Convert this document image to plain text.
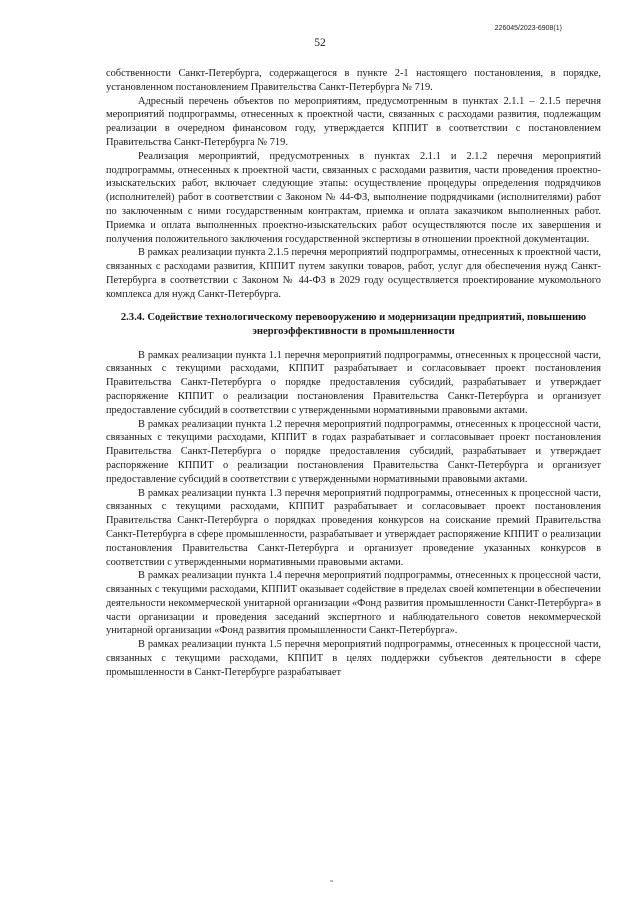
226045/2023-6908(1)
52

собственности Санкт-Петербурга, содержащегося в пункте 2-1 настоящего постановления, в порядке, установленном постановлением Правительства Санкт-Петербурга № 719.

Адресный перечень объектов по мероприятиям, предусмотренным в пунктах 2.1.1 – 2.1.5 перечня мероприятий подпрограммы, отнесенных к проектной части, связанных с расходами развития, подлежащим реализации в очередном финансовом году, утверждается КППИТ в соответствии с постановлением Правительства Санкт-Петербурга № 719.

Реализация мероприятий, предусмотренных в пунктах 2.1.1 и 2.1.2 перечня мероприятий подпрограммы, отнесенных к проектной части, связанных с расходами развития, части проведения проектно-изыскательских работ, включает следующие этапы: осуществление процедуры определения подрядчиков (исполнителей) работ в соответствии с Законом № 44-ФЗ, выполнение подрядчиками (исполнителями) работ по заключенным с ними государственным контрактам, приемка и оплата заказчиком выполненных работ. Приемка и оплата выполненных проектно-изыскательских работ осуществляются после их завершения и получения положительного заключения государственной экспертизы в отношении проектной документации.

В рамках реализации пункта 2.1.5 перечня мероприятий подпрограммы, отнесенных к проектной части, связанных с расходами развития, КППИТ путем закупки товаров, работ, услуг для обеспечения нужд Санкт-Петербурга в соответствии с Законом № 44-ФЗ в 2029 году осуществляется проектирование мукомольного комплекса для нужд Санкт-Петербурга.

2.3.4. Содействие технологическому перевооружению и модернизации предприятий, повышению энергоэффективности в промышленности

В рамках реализации пункта 1.1 перечня мероприятий подпрограммы, отнесенных к процессной части, связанных с текущими расходами, КППИТ разрабатывает и согласовывает проект постановления Правительства Санкт-Петербурга о порядке предоставления субсидий, разрабатывает и утверждает распоряжение КППИТ о реализации постановления Правительства Санкт-Петербурга и организует предоставление субсидий в соответствии с утвержденными нормативными правовыми актами.

В рамках реализации пункта 1.2 перечня мероприятий подпрограммы, отнесенных к процессной части, связанных с текущими расходами, КППИТ в годах разрабатывает и согласовывает проект постановления Правительства Санкт-Петербурга о порядке предоставления субсидий, разрабатывает и утверждает распоряжение КППИТ о реализации постановления Правительства Санкт-Петербурга и организует предоставление субсидий в соответствии с утвержденными нормативными правовыми актами.

В рамках реализации пункта 1.3 перечня мероприятий подпрограммы, отнесенных к процессной части, связанных с текущими расходами, КППИТ разрабатывает и согласовывает проект постановления Правительства Санкт-Петербурга о порядках проведения конкурсов на соискание премий Правительства Санкт-Петербурга в сфере промышленности, разрабатывает и утверждает распоряжение КППИТ о реализации постановления Правительства Санкт-Петербурга и организует проведение указанных конкурсов в соответствии с утвержденными нормативными правовыми актами.

В рамках реализации пункта 1.4 перечня мероприятий подпрограммы, отнесенных к процессной части, связанных с текущими расходами, КППИТ оказывает содействие в пределах своей компетенции в обеспечении деятельности некоммерческой унитарной организации «Фонд развития промышленности Санкт-Петербурга» в части организации и проведения заседаний экспертного и наблюдательного советов некоммерческой унитарной организации «Фонд развития промышленности Санкт-Петербурга».

В рамках реализации пункта 1.5 перечня мероприятий подпрограммы, отнесенных к процессной части, связанных с текущими расходами, КППИТ в целях поддержки субъектов деятельности в сфере промышленности в Санкт-Петербурге разрабатывает
